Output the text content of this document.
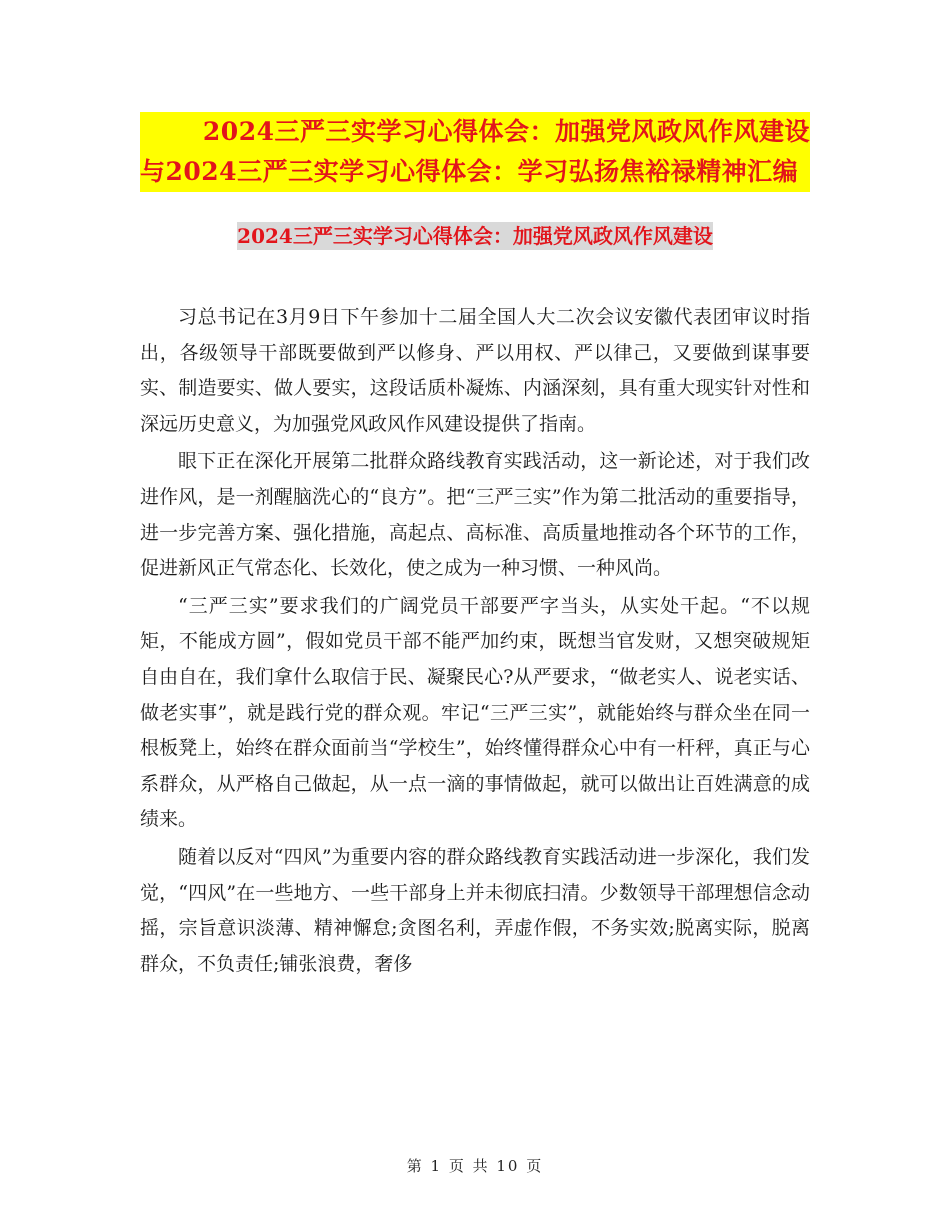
2024三严三实学习心得体会：加强党风政风作风建设
与2024三严三实学习心得体会：学习弘扬焦裕禄精神汇编
2024三严三实学习心得体会：加强党风政风作风建设

习总书记在3月9日下午参加十二届全国人大二次会议安徽代表团审议时指出，各级领导干部既要做到严以修身、严以用权、严以律己，又要做到谋事要实、制造要实、做人要实，这段话质朴凝炼、内涵深刻，具有重大现实针对性和深远历史意义，为加强党风政风作风建设提供了指南。

眼下正在深化开展第二批群众路线教育实践活动，这一新论述，对于我们改进作风，是一剂醒脑洗心的“良方”。把“三严三实”作为第二批活动的重要指导，进一步完善方案、强化措施，高起点、高标准、高质量地推动各个环节的工作，促进新风正气常态化、长效化，使之成为一种习惯、一种风尚。

“三严三实”要求我们的广阔党员干部要严字当头，从实处干起。“不以规矩，不能成方圆”，假如党员干部不能严加约束，既想当官发财，又想突破规矩自由自在，我们拿什么取信于民、凝聚民心?从严要求，“做老实人、说老实话、做老实事”，就是践行党的群众观。牢记“三严三实”，就能始终与群众坐在同一根板凳上，始终在群众面前当“学校生”，始终懂得群众心中有一杆秤，真正与心系群众，从严格自己做起，从一点一滴的事情做起，就可以做出让百姓满意的成绩来。

随着以反对“四风”为重要内容的群众路线教育实践活动进一步深化，我们发觉，“四风”在一些地方、一些干部身上并未彻底扫清。少数领导干部理想信念动摇，宗旨意识淡薄、精神懈怠;贪图名利，弄虚作假，不务实效;脱离实际，脱离群众，不负责任;铺张浪费，奢侈

第 1 页 共 10 页
